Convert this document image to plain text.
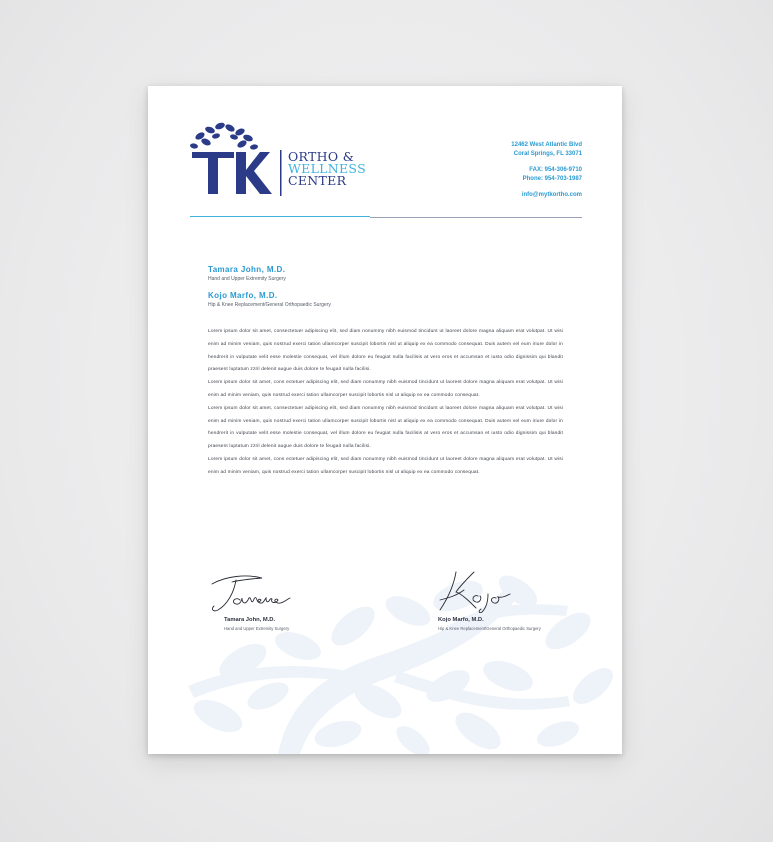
ORTHO &
WELLNESS
CENTER
12462 West Atlantic Blvd
Coral Springs, FL 33071
FAX: 954-306-9710
Phone: 954-703-1987
info@mytkortho.com
Tamara John, M.D.
Hand and Upper Extremity Surgery
Kojo Marfo, M.D.
Hip & Knee Replacement/General Orthopaedic Surgery

Lorem ipsum dolor sit amet, consectetuer adipiscing elit, sed diam nonummy nibh euismod tincidunt ut laoreet dolore magna aliquam erat volutpat. Ut wisi enim ad minim veniam, quis nostrud exerci tation ullamcorper suscipit lobortis nisl ut aliquip ex ea commodo consequat. Duis autem vel eum iriure dolor in hendrerit in vulputate velit esse molestie consequat, vel illum dolore eu feugiat nulla facilisis at vero eros et accumsan et iusto odio dignissim qui blandit praesent luptatum zzril delenit augue duis dolore te feugait nulla facilisi.

Lorem ipsum dolor sit amet, cons ectetuer adipiscing elit, sed diam nonummy nibh euismod tincidunt ut laoreet dolore magna aliquam erat volutpat. Ut wisi enim ad minim veniam, quis nostrud exerci tation ullamcorper suscipit lobortis nisl ut aliquip ex ea commodo consequat.

Lorem ipsum dolor sit amet, consectetuer adipiscing elit, sed diam nonummy nibh euismod tincidunt ut laoreet dolore magna aliquam erat volutpat. Ut wisi enim ad minim veniam, quis nostrud exerci tation ullamcorper suscipit lobortis nisl ut aliquip ex ea commodo consequat. Duis autem vel eum iriure dolor in hendrerit in vulputate velit esse molestie consequat, vel illum dolore eu feugiat nulla facilisis at vero eros et accumsan et iusto odio dignissim qui blandit praesent luptatum zzril delenit augue duis dolore te feugait nulla facilisi.

Lorem ipsum dolor sit amet, cons ectetuer adipiscing elit, sed diam nonummy nibh euismod tincidunt ut laoreet dolore magna aliquam erat volutpat. Ut wisi enim ad minim veniam, quis nostrud exerci tation ullamcorper suscipit lobortis nisl ut aliquip ex ea commodo consequat.

Tamara John, M.D.
Hand and Upper Extremity Surgery
Kojo Marfo, M.D.
Hip & Knee Replacement/General Orthopaedic Surgery
